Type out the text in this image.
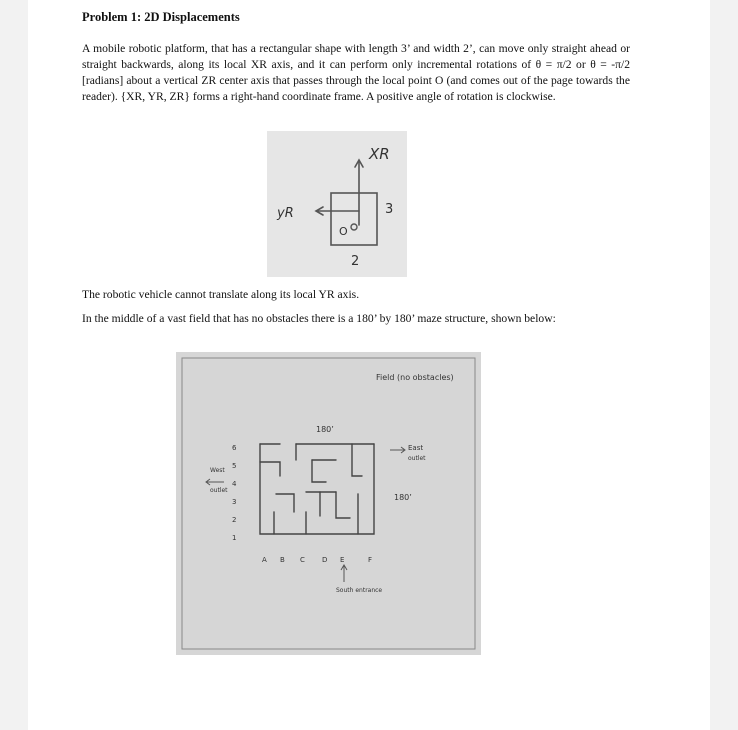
Problem 1: 2D Displacements
A mobile robotic platform, that has a rectangular shape with length 3’ and width 2’, can move only straight ahead or straight backwards, along its local XR axis, and it can perform only incremental rotations of θ = π/2 or θ = -π/2 [radians] about a vertical ZR center axis that passes through the local point O (and comes out of the page towards the reader). {XR, YR, ZR} forms a right-hand coordinate frame. A positive angle of rotation is clockwise.
XR
yR
O
3
2
The robotic vehicle cannot translate along its local YR axis.
In the middle of a vast field that has no obstacles there is a 180’ by 180’ maze structure, shown below:
Field (no obstacles)
180’
180’
East
outlet
West
outlet
6
5
4
3
2
1
A B C D E	F
South entrance
